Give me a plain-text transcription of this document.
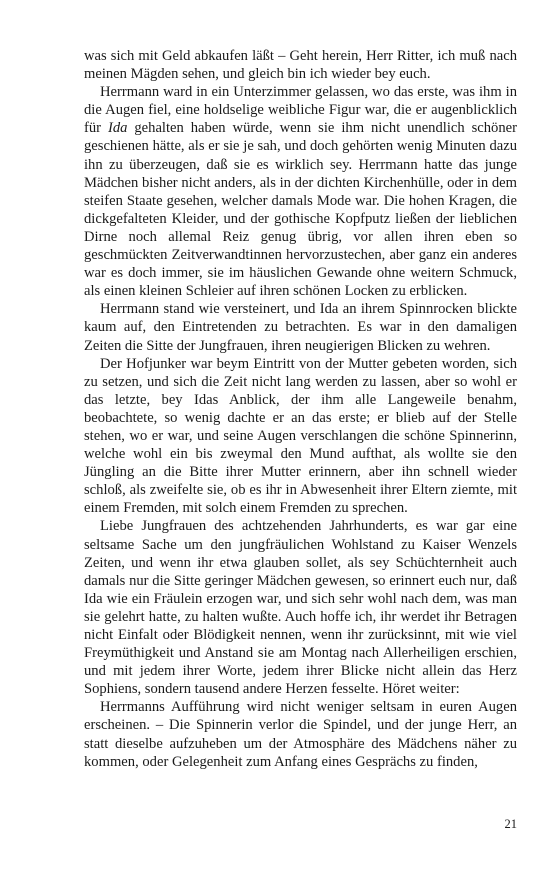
was sich mit Geld abkaufen läßt – Geht herein, Herr Ritter, ich muß nach meinen Mägden sehen, und gleich bin ich wieder bey euch.

Herrmann ward in ein Unterzimmer gelassen, wo das erste, was ihm in die Augen fiel, eine holdselige weibliche Figur war, die er augenblicklich für Ida gehalten haben würde, wenn sie ihm nicht unendlich schöner geschienen hätte, als er sie je sah, und doch gehörten wenig Minuten dazu ihn zu überzeugen, daß sie es wirklich sey. Herrmann hatte das junge Mädchen bisher nicht anders, als in der dichten Kirchenhülle, oder in dem steifen Staate gesehen, welcher damals Mode war. Die hohen Kragen, die dickgefalteten Kleider, und der gothische Kopfputz ließen der lieblichen Dirne noch allemal Reiz genug übrig, vor allen ihren eben so geschmückten Zeitverwandtinnen hervorzustechen, aber ganz ein anderes war es doch immer, sie im häuslichen Gewande ohne weitern Schmuck, als einen kleinen Schleier auf ihren schönen Locken zu erblicken.

Herrmann stand wie versteinert, und Ida an ihrem Spinnrocken blickte kaum auf, den Eintretenden zu betrachten. Es war in den damaligen Zeiten die Sitte der Jungfrauen, ihren neugierigen Blicken zu wehren.

Der Hofjunker war beym Eintritt von der Mutter gebeten worden, sich zu setzen, und sich die Zeit nicht lang werden zu lassen, aber so wohl er das letzte, bey Idas Anblick, der ihm alle Langeweile benahm, beobachtete, so wenig dachte er an das erste; er blieb auf der Stelle stehen, wo er war, und seine Augen verschlangen die schöne Spinnerinn, welche wohl ein bis zweymal den Mund aufthat, als wollte sie den Jüngling an die Bitte ihrer Mutter erinnern, aber ihn schnell wieder schloß, als zweifelte sie, ob es ihr in Abwesenheit ihrer Eltern ziemte, mit einem Fremden, mit solch einem Fremden zu sprechen.

Liebe Jungfrauen des achtzehenden Jahrhunderts, es war gar eine seltsame Sache um den jungfräulichen Wohlstand zu Kaiser Wenzels Zeiten, und wenn ihr etwa glauben sollet, als sey Schüchternheit auch damals nur die Sitte geringer Mädchen gewesen, so erinnert euch nur, daß Ida wie ein Fräulein erzogen war, und sich sehr wohl nach dem, was man sie gelehrt hatte, zu halten wußte. Auch hoffe ich, ihr werdet ihr Betragen nicht Einfalt oder Blödigkeit nennen, wenn ihr zurücksinnt, mit wie viel Freymüthigkeit und Anstand sie am Montag nach Allerheiligen erschien, und mit jedem ihrer Worte, jedem ihrer Blicke nicht allein das Herz Sophiens, sondern tausend andere Herzen fesselte. Höret weiter:

Herrmanns Aufführung wird nicht weniger seltsam in euren Augen erscheinen. – Die Spinnerin verlor die Spindel, und der junge Herr, an statt dieselbe aufzuheben um der Atmosphäre des Mädchens näher zu kommen, oder Gelegenheit zum Anfang eines Gesprächs zu finden,

21
